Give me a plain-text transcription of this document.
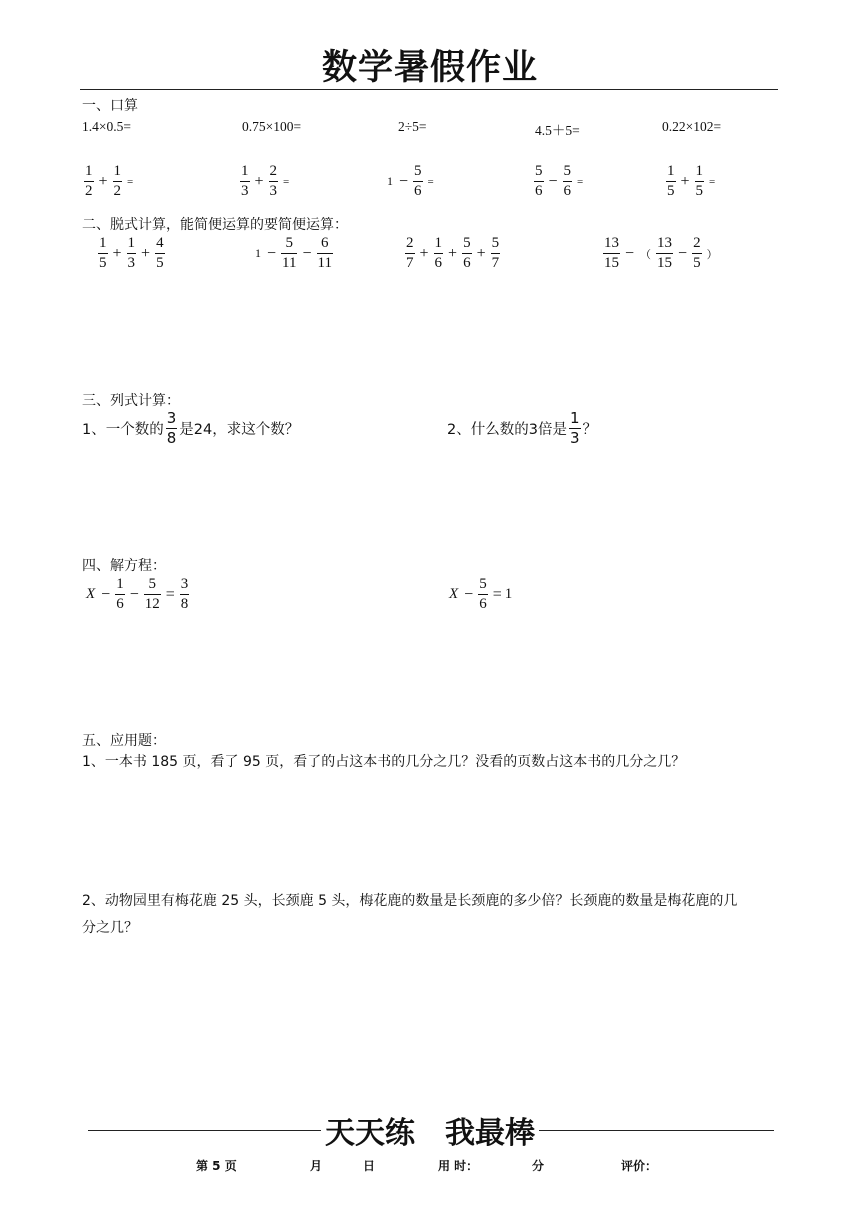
数学暑假作业
一、口算
1.4×0.5=	0.75×100=	2÷5=	4.5＋5=	0.22×102=
$\frac{1}{2} + \frac{1}{2}$ =	$\frac{1}{3} + \frac{2}{3}$ =	$1 - \frac{5}{6}$ =	$\frac{5}{6} - \frac{5}{6}$ =	$\frac{1}{5} + \frac{1}{5}$ =
二、脱式计算，能简便运算的要简便运算：
$\frac{1}{5} + \frac{1}{3} + \frac{4}{5}$	$1 - \frac{5}{11} - \frac{6}{11}$	$\frac{2}{7} + \frac{1}{6} + \frac{5}{6} + \frac{5}{7}$	$\frac{13}{15}$ − （ $\frac{13}{15} - \frac{2}{5}$ ）
三、列式计算：
1、一个数的 $\frac{3}{8}$ 是24，求这个数？	2、什么数的3倍是 $\frac{1}{3}$ ？
四、解方程：
$X - \frac{1}{6} - \frac{5}{12} = \frac{3}{8}$	$X - \frac{5}{6} = 1$
五、应用题：
1、一本书 185 页，看了 95 页，看了的占这本书的几分之几？没看的页数占这本书的几分之几？
2、动物园里有梅花鹿 25 头，长颈鹿 5 头，梅花鹿的数量是长颈鹿的多少倍？长颈鹿的数量是梅花鹿的几
分之几？
天天练　我最棒
第 5 页	月	日	用 时：	分	评价：
